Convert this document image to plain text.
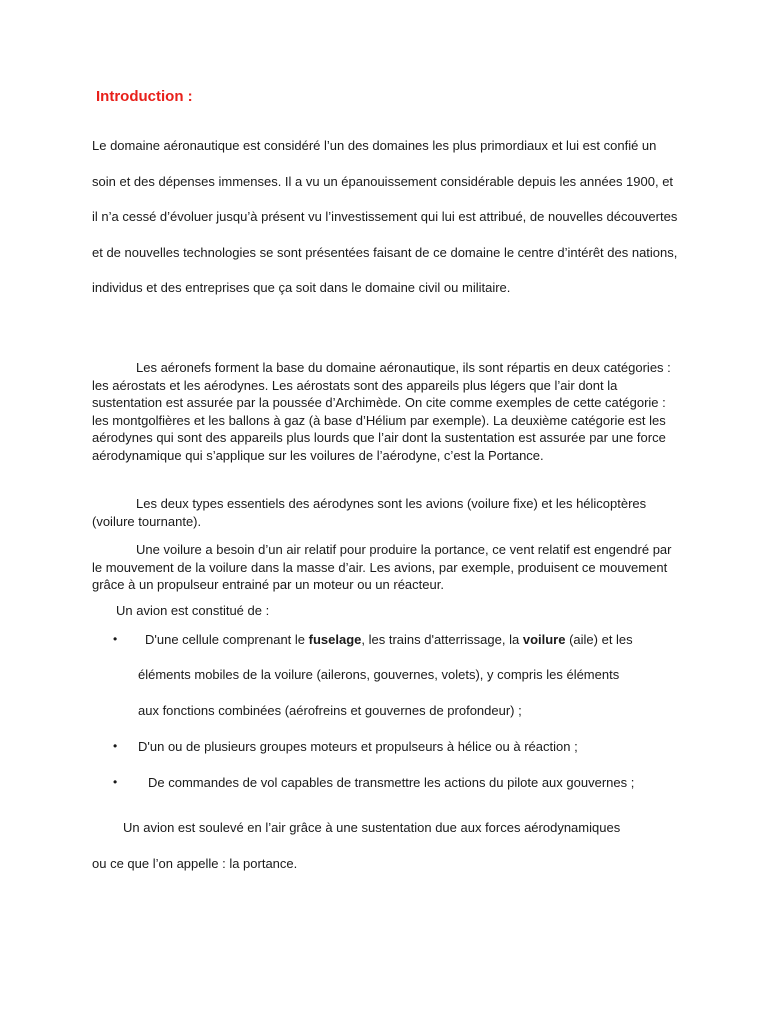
Introduction :

Le domaine aéronautique est considéré l’un des domaines les plus primordiaux et lui est confié un soin et des dépenses immenses. Il a vu un épanouissement considérable depuis les années 1900, et il n’a cessé d’évoluer jusqu’à présent vu l’investissement qui lui est attribué, de nouvelles découvertes et de nouvelles technologies se sont présentées faisant de ce domaine le centre d’intérêt des nations, individus et des entreprises que ça soit dans le domaine civil ou militaire.

Les aéronefs forment la base du domaine aéronautique, ils sont répartis en deux catégories : les aérostats et les aérodynes. Les aérostats sont des appareils plus légers que l’air dont la sustentation est assurée par la poussée d’Archimède. On cite comme exemples de cette catégorie : les montgolfières et les ballons à gaz (à base d’Hélium par exemple). La deuxième catégorie est les aérodynes qui sont des appareils plus lourds que l’air dont la sustentation est assurée par une force aérodynamique qui s’applique sur les voilures de l’aérodyne, c’est la Portance.

Les deux types essentiels des aérodynes sont les avions (voilure fixe) et les hélicoptères (voilure tournante).

Une voilure a besoin d’un air relatif pour produire la portance, ce vent relatif est engendré par le mouvement de la voilure dans la masse d’air. Les avions, par exemple, produisent ce mouvement grâce à un propulseur entrainé par un moteur ou un réacteur.

Un avion est constitué de :

• D'une cellule comprenant le fuselage, les trains d'atterrissage, la voilure (aile) et les

éléments mobiles de la voilure (ailerons, gouvernes, volets), y compris les éléments

aux fonctions combinées (aérofreins et gouvernes de profondeur) ;

• D'un ou de plusieurs groupes moteurs et propulseurs à hélice ou à réaction ;

• De commandes de vol capables de transmettre les actions du pilote aux gouvernes ;

Un avion est soulevé en l’air grâce à une sustentation due aux forces aérodynamiques

ou ce que l’on appelle : la portance.
